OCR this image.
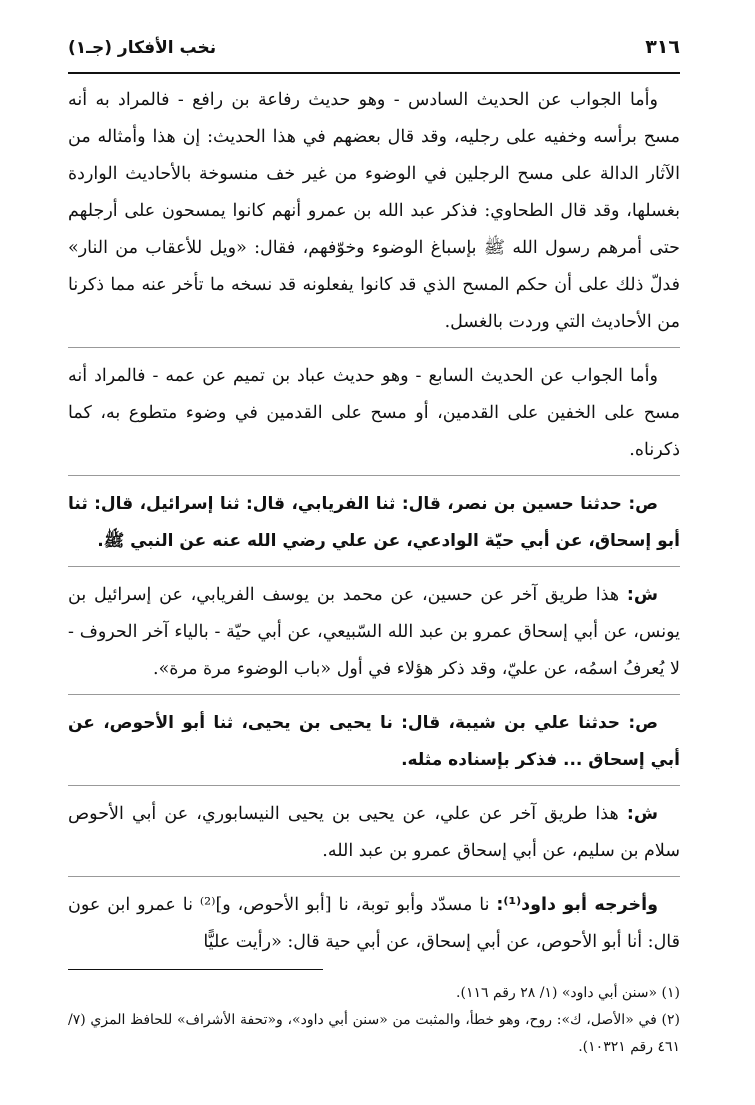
٣١٦
نخب الأفكار (جـ١)

وأما الجواب عن الحديث السادس - وهو حديث رفاعة بن رافع - فالمراد به أنه مسح برأسه وخفيه على رجليه، وقد قال بعضهم في هذا الحديث: إن هذا وأمثاله من الآثار الدالة على مسح الرجلين في الوضوء من غير خف منسوخة بالأحاديث الواردة بغسلها، وقد قال الطحاوي: فذكر عبد الله بن عمرو أنهم كانوا يمسحون على أرجلهم حتى أمرهم رسول الله ﷺ بإسباغ الوضوء وخوّفهم، فقال: «ويل للأعقاب من النار» فدلّ ذلك على أن حكم المسح الذي قد كانوا يفعلونه قد نسخه ما تأخر عنه مما ذكرنا من الأحاديث التي وردت بالغسل.

وأما الجواب عن الحديث السابع - وهو حديث عباد بن تميم عن عمه - فالمراد أنه مسح على الخفين على القدمين، أو مسح على القدمين في وضوء متطوع به، كما ذكرناه.

ص: حدثنا حسين بن نصر، قال: ثنا الفريابي، قال: ثنا إسرائيل، قال: ثنا أبو إسحاق، عن أبي حيّة الوادعي، عن علي رضي الله عنه عن النبي ﷺ.

ش: هذا طريق آخر عن حسين، عن محمد بن يوسف الفريابي، عن إسرائيل بن يونس، عن أبي إسحاق عمرو بن عبد الله السّبيعي، عن أبي حيّة - بالياء آخر الحروف - لا يُعرفُ اسمُه، عن عليّ، وقد ذكر هؤلاء في أول «باب الوضوء مرة مرة».

ص: حدثنا علي بن شيبة، قال: نا يحيى بن يحيى، ثنا أبو الأحوص، عن أبي إسحاق ... فذكر بإسناده مثله.

ش: هذا طريق آخر عن علي، عن يحيى بن يحيى النيسابوري، عن أبي الأحوص سلام بن سليم، عن أبي إسحاق عمرو بن عبد الله.

وأخرجه أبو داود⁽¹⁾: نا مسدّد وأبو توبة، نا [أبو الأحوص، و]⁽²⁾ نا عمرو ابن عون قال: أنا أبو الأحوص، عن أبي إسحاق، عن أبي حية قال: «رأيت عليًّا

(١) «سنن أبي داود» (١/ ٢٨ رقم ١١٦).

(٢) في «الأصل، ك»: روح، وهو خطأ، والمثبت من «سنن أبي داود»، و«تحفة الأشراف» للحافظ المزي (٧/ ٤٦١ رقم ١٠٣٢١).
